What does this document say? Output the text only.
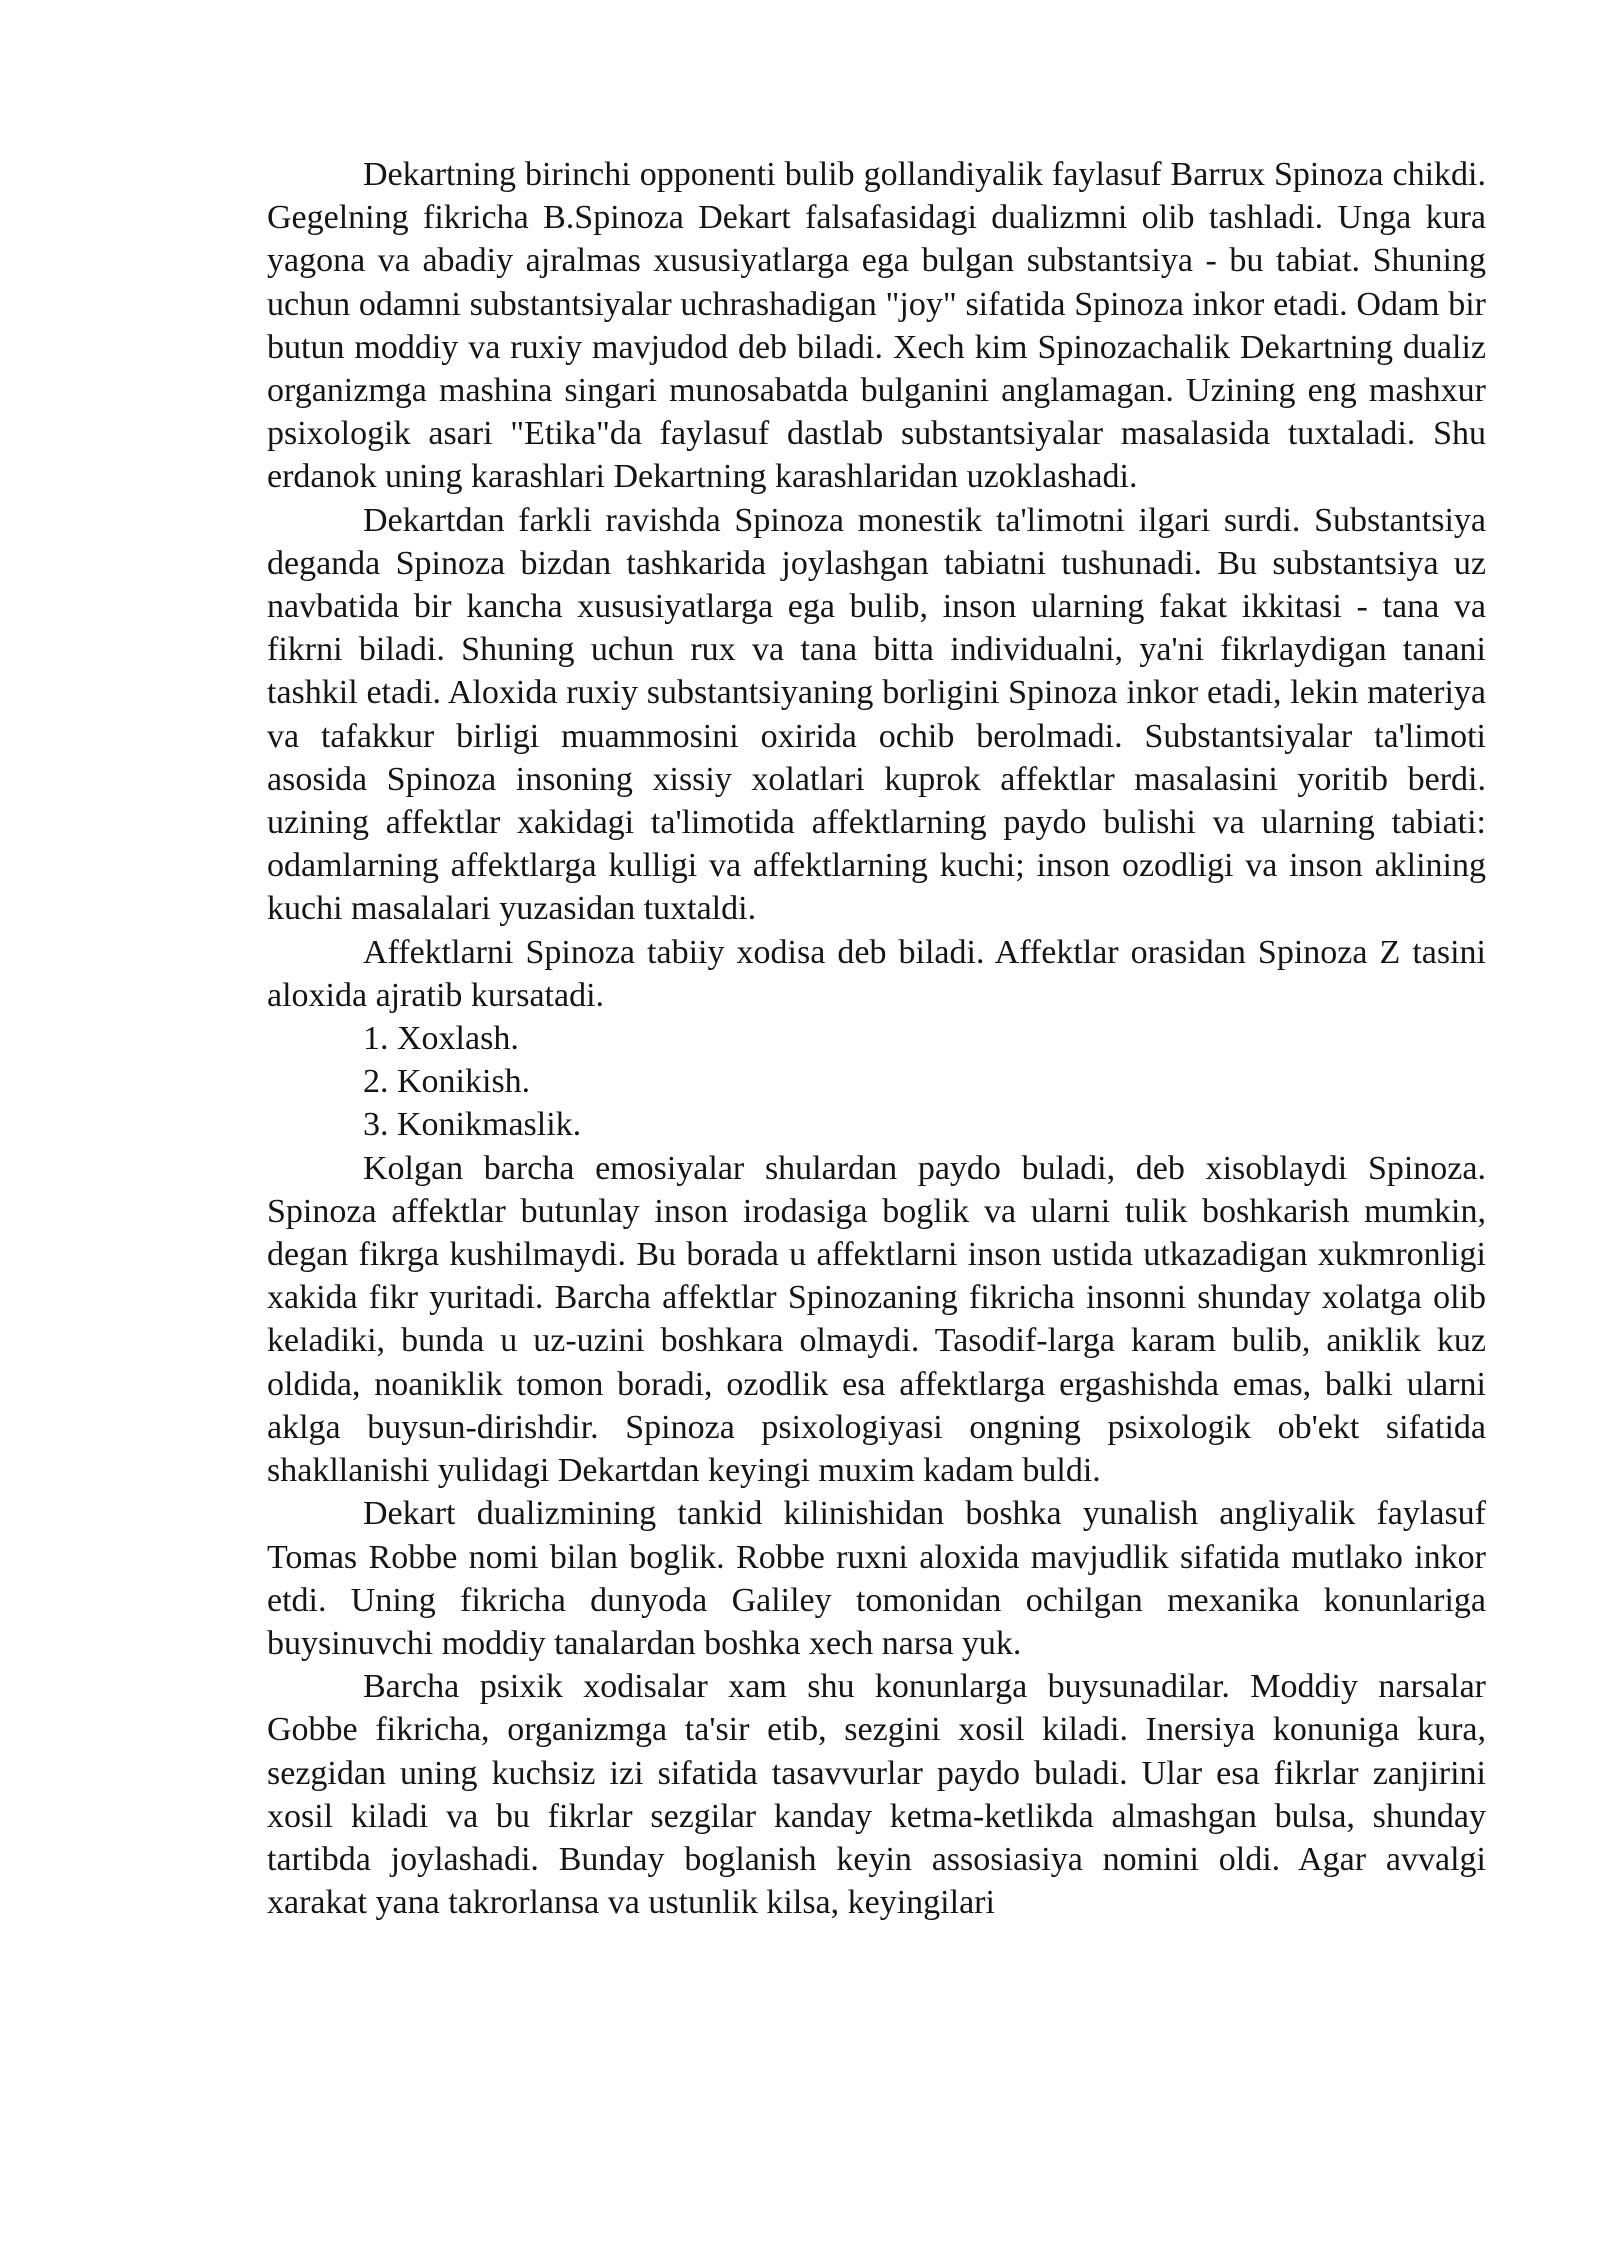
Dekartning birinchi opponenti bulib gollandiyalik faylasuf Barrux Spinoza chikdi. Gegelning fikricha B.Spinoza Dekart falsafasidagi dualizmni olib tashladi. Unga kura yagona va abadiy ajralmas xususiyatlarga ega bulgan substantsiya - bu tabiat. Shuning uchun odamni substantsiyalar uchrashadigan "joy" sifatida Spinoza inkor etadi. Odam bir butun moddiy va ruxiy mavjudod deb biladi. Xech kim Spinozachalik Dekartning dualiz organizmga mashina singari munosabatda bulganini anglamagan. Uzining eng mashxur psixologik asari "Etika"da faylasuf dastlab substantsiyalar masalasida tuxtaladi. Shu erdanok uning karashlari Dekartning karashlaridan uzoklashadi.

Dekartdan farkli ravishda Spinoza monestik ta'limotni ilgari surdi. Substantsiya deganda Spinoza bizdan tashkarida joylashgan tabiatni tushunadi. Bu substantsiya uz navbatida bir kancha xususiyatlarga ega bulib, inson ularning fakat ikkitasi - tana va fikrni biladi. Shuning uchun rux va tana bitta individualni, ya'ni fikrlaydigan tanani tashkil etadi. Aloxida ruxiy substantsiyaning borligini Spinoza inkor etadi, lekin materiya va tafakkur birligi muammosini oxirida ochib berolmadi. Substantsiyalar ta'limoti asosida Spinoza insoning xissiy xolatlari kuprok affektlar masalasini yoritib berdi. uzining affektlar xakidagi ta'limotida affektlarning paydo bulishi va ularning tabiati: odamlarning affektlarga kulligi va affektlarning kuchi; inson ozodligi va inson aklining kuchi masalalari yuzasidan tuxtaldi.

Affektlarni Spinoza tabiiy xodisa deb biladi. Affektlar orasidan Spinoza Z tasini aloxida ajratib kursatadi.

1. Xoxlash.

2. Konikish.

3. Konikmaslik.

Kolgan barcha emosiyalar shulardan paydo buladi, deb xisoblaydi Spinoza. Spinoza affektlar butunlay inson irodasiga boglik va ularni tulik boshkarish mumkin, degan fikrga kushilmaydi. Bu borada u affektlarni inson ustida utkazadigan xukmronligi xakida fikr yuritadi. Barcha affektlar Spinozaning fikricha insonni shunday xolatga olib keladiki, bunda u uz-uzini boshkara olmaydi. Tasodif-larga karam bulib, aniklik kuz oldida, noaniklik tomon boradi, ozodlik esa affektlarga ergashishda emas, balki ularni aklga buysun-dirishdir. Spinoza psixologiyasi ongning psixologik ob'ekt sifatida shakllanishi yulidagi Dekartdan keyingi muxim kadam buldi.

Dekart dualizmining tankid kilinishidan boshka yunalish angliyalik faylasuf Tomas Robbe nomi bilan boglik. Robbe ruxni aloxida mavjudlik sifatida mutlako inkor etdi. Uning fikricha dunyoda Galiley tomonidan ochilgan mexanika konunlariga buysinuvchi moddiy tanalardan boshka xech narsa yuk.

Barcha psixik xodisalar xam shu konunlarga buysunadilar. Moddiy narsalar Gobbe fikricha, organizmga ta'sir etib, sezgini xosil kiladi. Inersiya konuniga kura, sezgidan uning kuchsiz izi sifatida tasavvurlar paydo buladi. Ular esa fikrlar zanjirini xosil kiladi va bu fikrlar sezgilar kanday ketma-ketlikda almashgan bulsa, shunday tartibda joylashadi. Bunday boglanish keyin assosiasiya nomini oldi. Agar avvalgi xarakat yana takrorlansa va ustunlik kilsa, keyingilari
